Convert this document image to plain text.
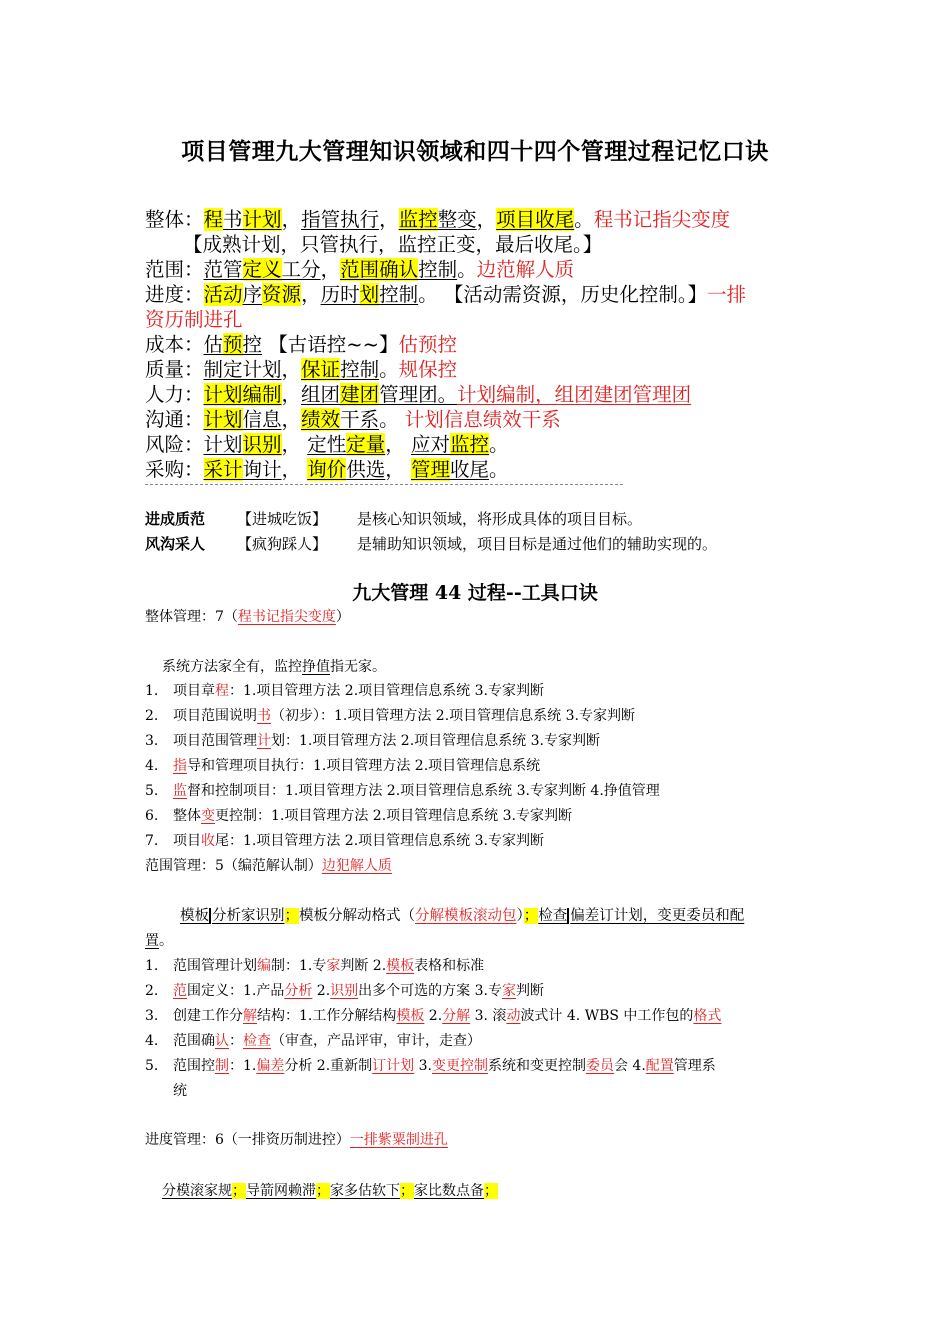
项目管理九大管理知识领域和四十四个管理过程记忆口诀
整体：程书计划，指管执行，监控整变，项目收尾。程书记指尖变度
【成熟计划，只管执行，监控正变，最后收尾。】
范围：范管定义工分，范围确认控制。边范解人质
进度：活动序资源，历时划控制。 【活动需资源，历史化控制。】一排
资历制进孔
成本：估预控 【古语控~~】估预控
质量：制定计划，保证控制。规保控
人力：计划编制，组团建团管理团。计划编制，组团建团管理团
沟通：计划信息，绩效干系。 计划信息绩效干系
风险：计划识别， 定性定量， 应对监控。
采购：采计询计， 询价供选， 管理收尾。
进成质范 【进城吃饭】 是核心知识领域，将形成具体的项目目标。
风沟采人 【疯狗踩人】 是辅助知识领域，项目目标是通过他们的辅助实现的。
九大管理 44 过程--工具口诀
整体管理：7（程书记指尖变度）
系统方法家全有，监控挣值指无家。
1.	项目章程：1.项目管理方法 2.项目管理信息系统 3.专家判断
2.	项目范围说明书（初步）：1.项目管理方法 2.项目管理信息系统 3.专家判断
3.	项目范围管理计划：1.项目管理方法 2.项目管理信息系统 3.专家判断
4.	指导和管理项目执行：1.项目管理方法 2.项目管理信息系统
5.	监督和控制项目：1.项目管理方法 2.项目管理信息系统 3.专家判断 4.挣值管理
6.	整体变更控制：1.项目管理方法 2.项目管理信息系统 3.专家判断
7.	项目收尾：1.项目管理方法 2.项目管理信息系统 3.专家判断
范围管理：5（编范解认制）边犯解人质
模板 分析家识别；模板分解动格式（分解模板滚动包）；检查 偏差订计划，变更委员和配
置。
1.	范围管理计划编制：1.专家判断 2.模板表格和标准
2.	范围定义：1.产品分析 2.识别出多个可选的方案 3.专家判断
3.	创建工作分解结构：1.工作分解结构模板 2.分解 3. 滚动波式计 4. WBS 中工作包的格式
4.	范围确认：检查（审查，产品评审，审计，走查）
5.	范围控制：1.偏差分析 2.重新制订计划 3.变更控制系统和变更控制委员会 4.配置管理系
统
进度管理：6（一排资历制进控）一排紫粟制进孔
分模滚家规；导箭网赖滞；家多估软下；家比数点备；
